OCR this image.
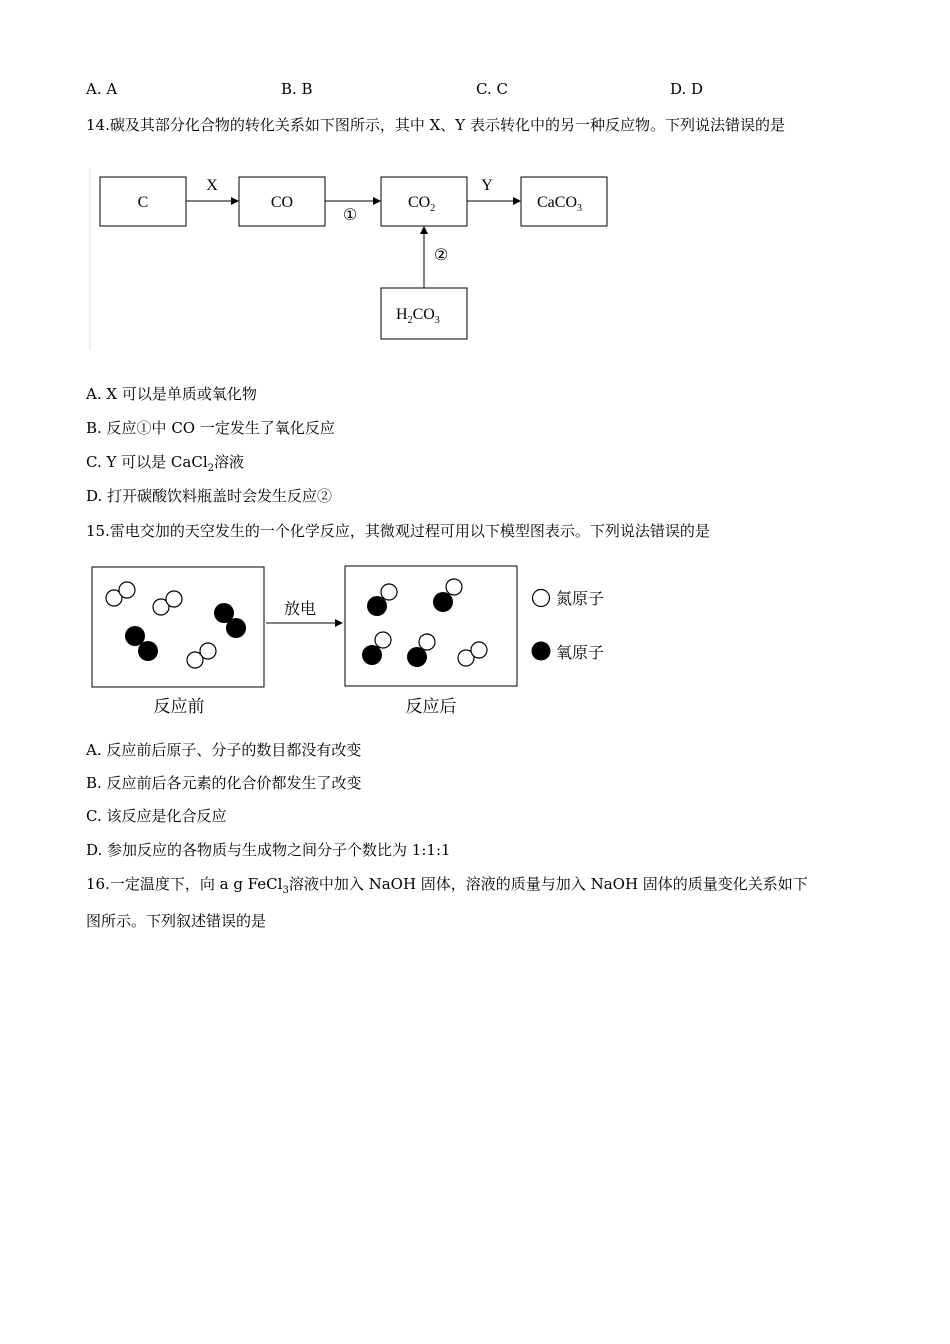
A. A	B. B	C. C	D. D
14.碳及其部分化合物的转化关系如下图所示，其中 X、Y 表示转化中的另一种反应物。下列说法错误的是
C	CO	$CO_2$	CaCO$_3$
$H_2CO_3$
X
①
Y
②
A. X 可以是单质或氧化物
B. 反应①中 CO 一定发生了氧化反应
C. Y 可以是 CaCl$_2$溶液
D. 打开碳酸饮料瓶盖时会发生反应②
15.雷电交加的天空发生的一个化学反应，其微观过程可用以下模型图表示。下列说法错误的是
放电
反应前	反应后
氮原子
氧原子
A. 反应前后原子、分子的数目都没有改变
B. 反应前后各元素的化合价都发生了改变
C. 该反应是化合反应
D. 参加反应的各物质与生成物之间分子个数比为 1:1:1
16.一定温度下，向 a g FeCl$_3$溶液中加入 NaOH 固体，溶液的质量与加入 NaOH 固体的质量变化关系如下
图所示。下列叙述错误的是
